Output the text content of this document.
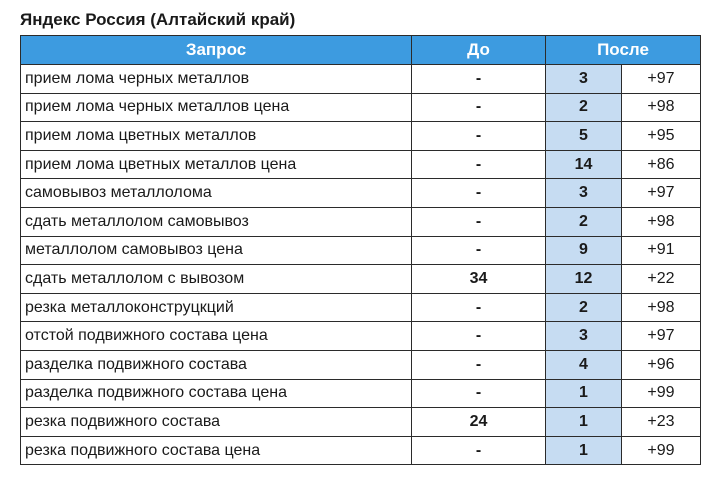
Яндекс Россия (Алтайский край)
Запрос	До	После	
прием лома черных металлов	-	3	+97
прием лома черных металлов цена	-	2	+98
прием лома цветных металлов	-	5	+95
прием лома цветных металлов цена	-	14	+86
самовывоз металлолома	-	3	+97
сдать металлолом самовывоз	-	2	+98
металлолом самовывоз цена	-	9	+91
сдать металлолом с вывозом	34	12	+22
резка металлоконструцкций	-	2	+98
отстой подвижного состава цена	-	3	+97
разделка подвижного состава	-	4	+96
разделка подвижного состава цена	-	1	+99
резка подвижного состава	24	1	+23
резка подвижного состава цена	-	1	+99
